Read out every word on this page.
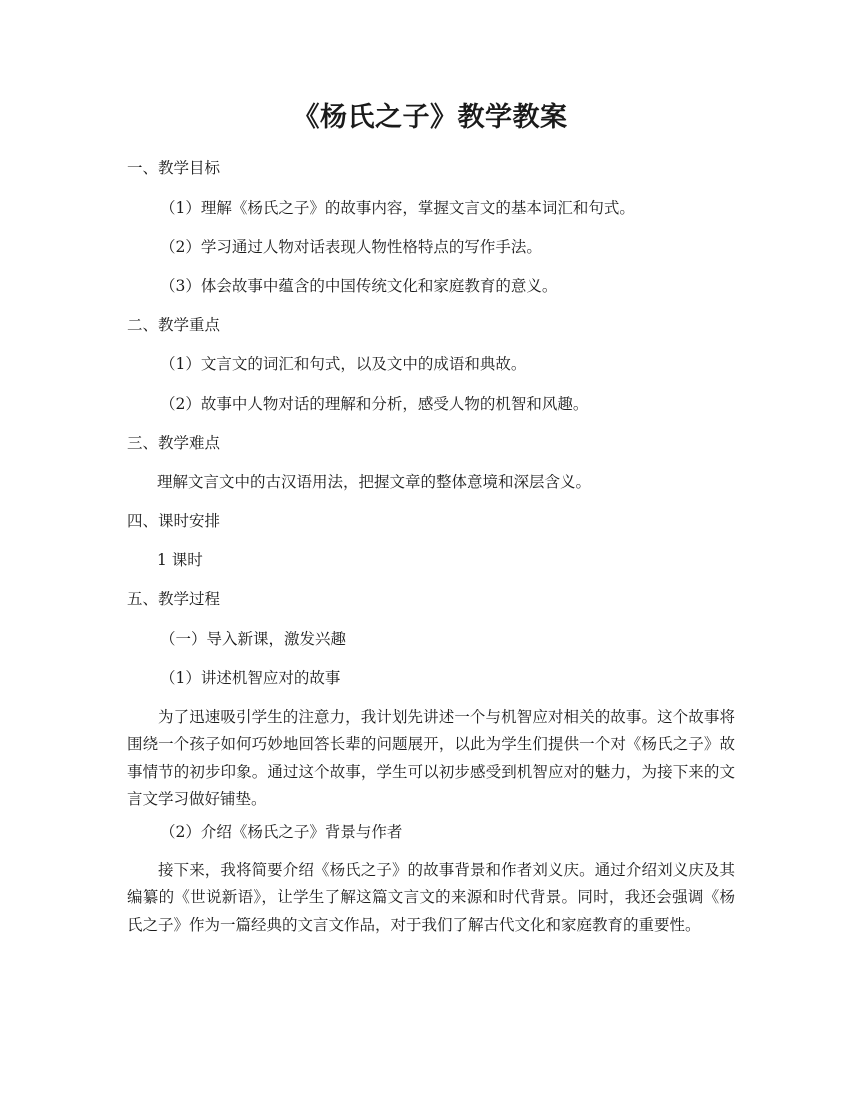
《杨氏之子》教学教案
一、教学目标
（1）理解《杨氏之子》的故事内容，掌握文言文的基本词汇和句式。
（2）学习通过人物对话表现人物性格特点的写作手法。
（3）体会故事中蕴含的中国传统文化和家庭教育的意义。
二、教学重点
（1）文言文的词汇和句式，以及文中的成语和典故。
（2）故事中人物对话的理解和分析，感受人物的机智和风趣。
三、教学难点
理解文言文中的古汉语用法，把握文章的整体意境和深层含义。
四、课时安排
1 课时
五、教学过程
（一）导入新课，激发兴趣
（1）讲述机智应对的故事
为了迅速吸引学生的注意力，我计划先讲述一个与机智应对相关的故事。这个故事将围绕一个孩子如何巧妙地回答长辈的问题展开，以此为学生们提供一个对《杨氏之子》故事情节的初步印象。通过这个故事，学生可以初步感受到机智应对的魅力，为接下来的文言文学习做好铺垫。
（2）介绍《杨氏之子》背景与作者
接下来，我将简要介绍《杨氏之子》的故事背景和作者刘义庆。通过介绍刘义庆及其编纂的《世说新语》，让学生了解这篇文言文的来源和时代背景。同时，我还会强调《杨氏之子》作为一篇经典的文言文作品，对于我们了解古代文化和家庭教育的重要性。
